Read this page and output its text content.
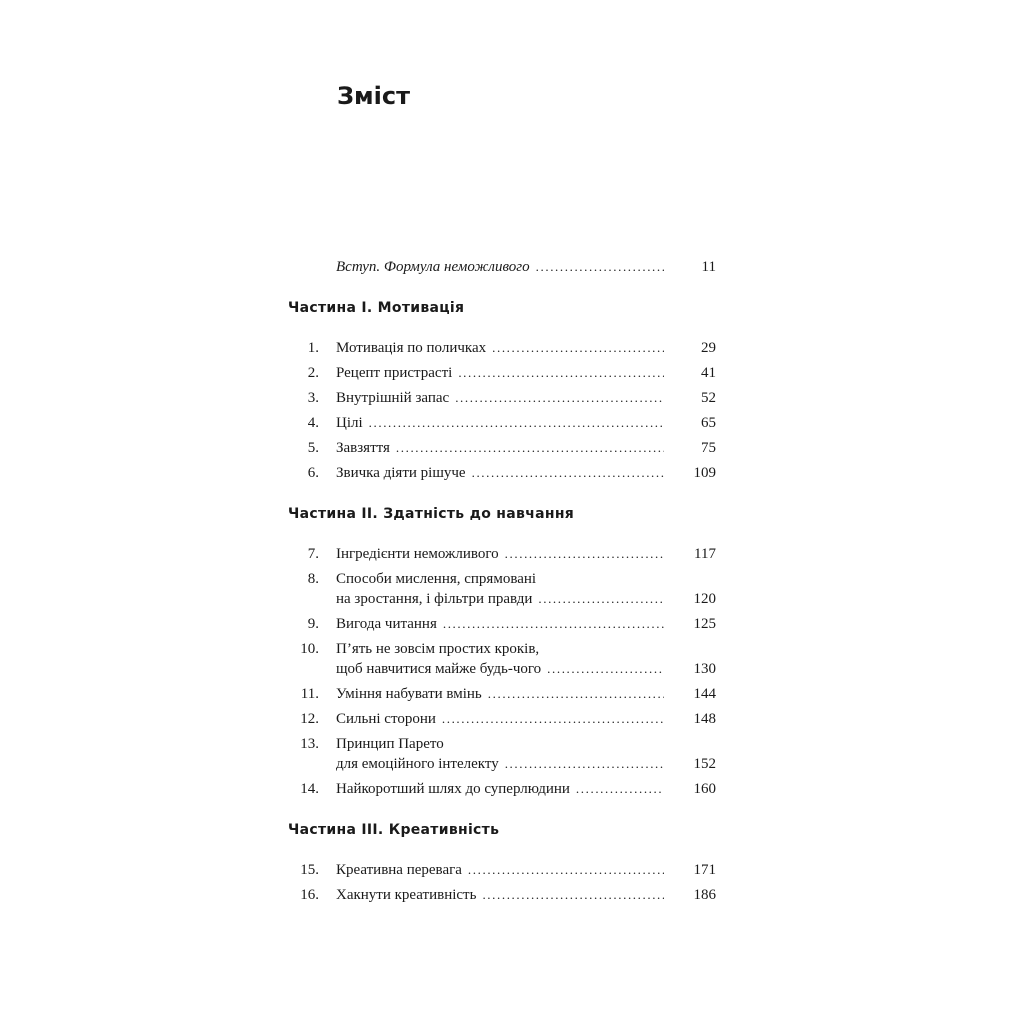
Зміст
Вступ. Формула неможливого .....	11
Частина I. Мотивація
1. Мотивація по поличках .....	29
2. Рецепт пристрасті .....	41
3. Внутрішній запас .....	52
4. Цілі .....	65
5. Завзяття .....	75
6. Звичка діяти рішуче .....	109
Частина II. Здатність до навчання
7. Інгредієнти неможливого .....	117
8. Способи мислення, спрямовані
на зростання, і фільтри правди .....	120
9. Вигода читання .....	125
10. П’ять не зовсім простих кроків,
щоб навчитися майже будь-чого .....	130
11. Уміння набувати вмінь .....	144
12. Сильні сторони .....	148
13. Принцип Парето
для емоційного інтелекту .....	152
14. Найкоротший шлях до суперлюдини .....	160
Частина III. Креативність
15. Креативна перевага .....	171
16. Хакнути креативність .....	186
